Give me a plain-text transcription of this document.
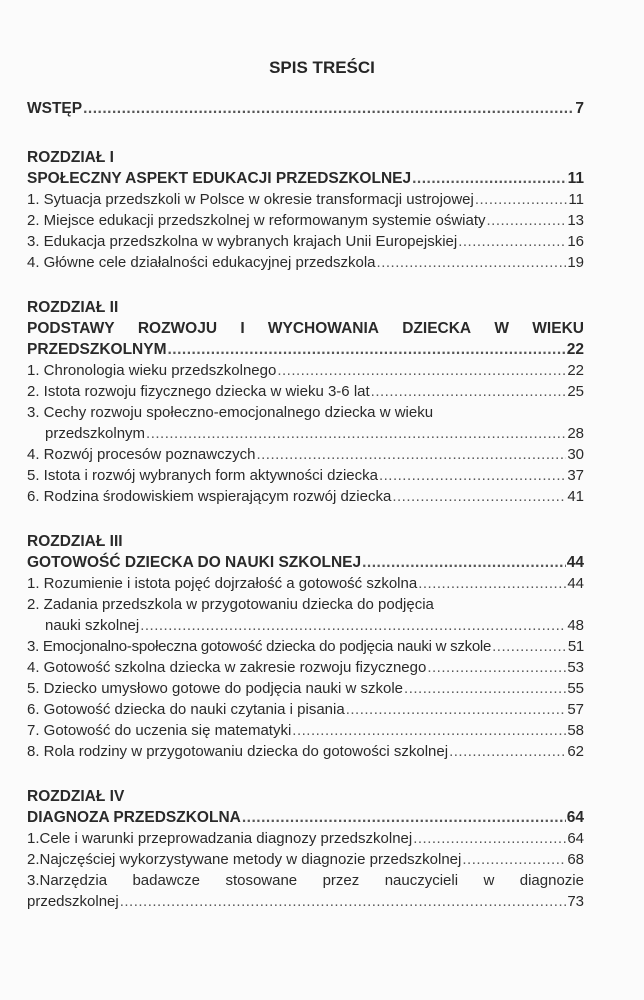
SPIS TREŚCI
WSTĘP .....	7
ROZDZIAŁ I
SPOŁECZNY ASPEKT EDUKACJI PRZEDSZKOLNEJ .....	11
1. Sytuacja przedszkoli w Polsce w okresie transformacji ustrojowej .....	11
2. Miejsce edukacji przedszkolnej w reformowanym systemie oświaty .....	13
3. Edukacja przedszkolna w wybranych krajach Unii Europejskiej .....	16
4. Główne cele działalności edukacyjnej przedszkola .....	19
ROZDZIAŁ II
PODSTAWY ROZWOJU I WYCHOWANIA DZIECKA W WIEKU
PRZEDSZKOLNYM .....	22
1. Chronologia wieku przedszkolnego .....	22
2. Istota rozwoju fizycznego dziecka w wieku 3-6 lat .....	25
3. Cechy rozwoju społeczno-emocjonalnego dziecka w wieku
przedszkolnym .....	28
4. Rozwój procesów poznawczych .....	30
5. Istota i rozwój wybranych form aktywności dziecka .....	37
6. Rodzina środowiskiem wspierającym rozwój dziecka .....	41
ROZDZIAŁ III
GOTOWOŚĆ DZIECKA DO NAUKI SZKOLNEJ .....	44
1. Rozumienie i istota pojęć dojrzałość a gotowość szkolna .....	44
2. Zadania przedszkola w przygotowaniu dziecka do podjęcia
nauki szkolnej .....	48
3. Emocjonalno-społeczna gotowość dziecka do podjęcia nauki w szkole .....	51
4. Gotowość szkolna dziecka w zakresie rozwoju fizycznego .....	53
5. Dziecko umysłowo gotowe do podjęcia nauki w szkole .....	55
6. Gotowość dziecka do nauki czytania i pisania .....	57
7. Gotowość do uczenia się matematyki .....	58
8. Rola rodziny w przygotowaniu dziecka do gotowości szkolnej .....	62
ROZDZIAŁ IV
DIAGNOZA PRZEDSZKOLNA .....	64
1.Cele i warunki przeprowadzania diagnozy przedszkolnej .....	64
2.Najczęściej wykorzystywane metody w diagnozie przedszkolnej .....	68
3.Narzędzia badawcze stosowane przez nauczycieli w diagnozie
przedszkolnej .....	73
